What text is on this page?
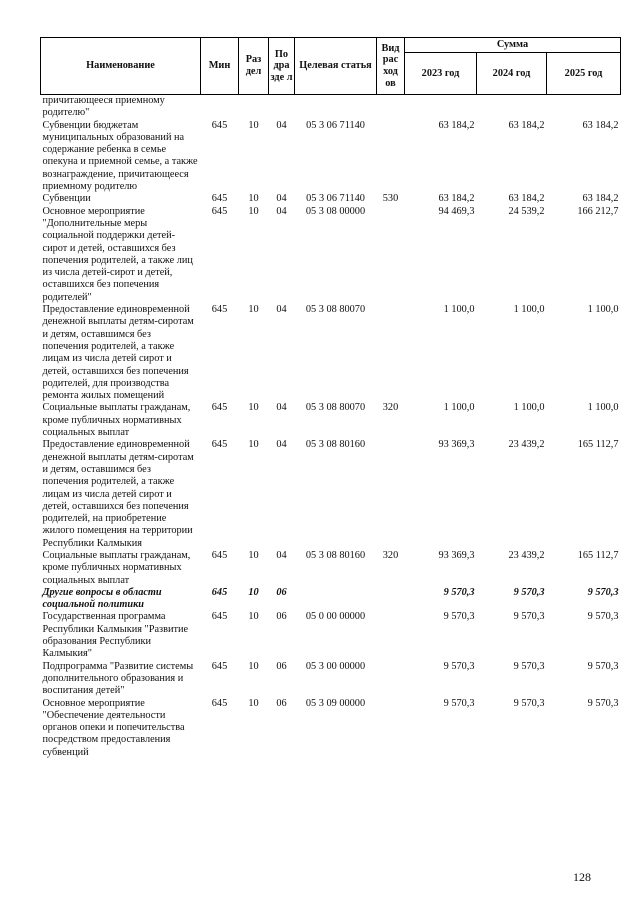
Наименование	Мин	Раз дел	По дра зде л	Целевая статья	Вид рас ход ов	Сумма		
						2023 год	2024 год	2025 год
причитающееся приемному родителю"								
Субвенции бюджетам муниципальных образований на содержание ребенка в семье опекуна и приемной семье, а также вознаграждение, причитающееся приемному родителю	645	10	04	05 3 06 71140		63 184,2	63 184,2	63 184,2
Субвенции	645	10	04	05 3 06 71140	530	63 184,2	63 184,2	63 184,2
Основное мероприятие "Дополнительные меры социальной поддержки детей-сирот и детей, оставшихся без попечения родителей, а также лиц из числа детей-сирот и детей, оставшихся без попечения родителей"	645	10	04	05 3 08 00000		94 469,3	24 539,2	166 212,7
Предоставление единовременной денежной выплаты детям-сиротам и детям, оставшимся без попечения родителей, а также лицам из числа детей сирот и детей, оставшихся без попечения родителей, для производства ремонта жилых помещений	645	10	04	05 3 08 80070		1 100,0	1 100,0	1 100,0
Социальные выплаты гражданам, кроме публичных нормативных социальных выплат	645	10	04	05 3 08 80070	320	1 100,0	1 100,0	1 100,0
Предоставление единовременной денежной выплаты детям-сиротам и детям, оставшимся без попечения родителей, а также лицам из числа детей сирот и детей, оставшихся без попечения родителей, на приобретение жилого помещения на территории Республики Калмыкия	645	10	04	05 3 08 80160		93 369,3	23 439,2	165 112,7
Социальные выплаты гражданам, кроме публичных нормативных социальных выплат	645	10	04	05 3 08 80160	320	93 369,3	23 439,2	165 112,7
Другие вопросы в области социальной политики	645	10	06			9 570,3	9 570,3	9 570,3
Государственная программа Республики Калмыкия "Развитие образования Республики Калмыкия"	645	10	06	05 0 00 00000		9 570,3	9 570,3	9 570,3
Подпрограмма "Развитие системы дополнительного образования и воспитания детей"	645	10	06	05 3 00 00000		9 570,3	9 570,3	9 570,3
Основное мероприятие "Обеспечение деятельности органов опеки и попечительства посредством предоставления субвенций	645	10	06	05 3 09 00000		9 570,3	9 570,3	9 570,3
128
